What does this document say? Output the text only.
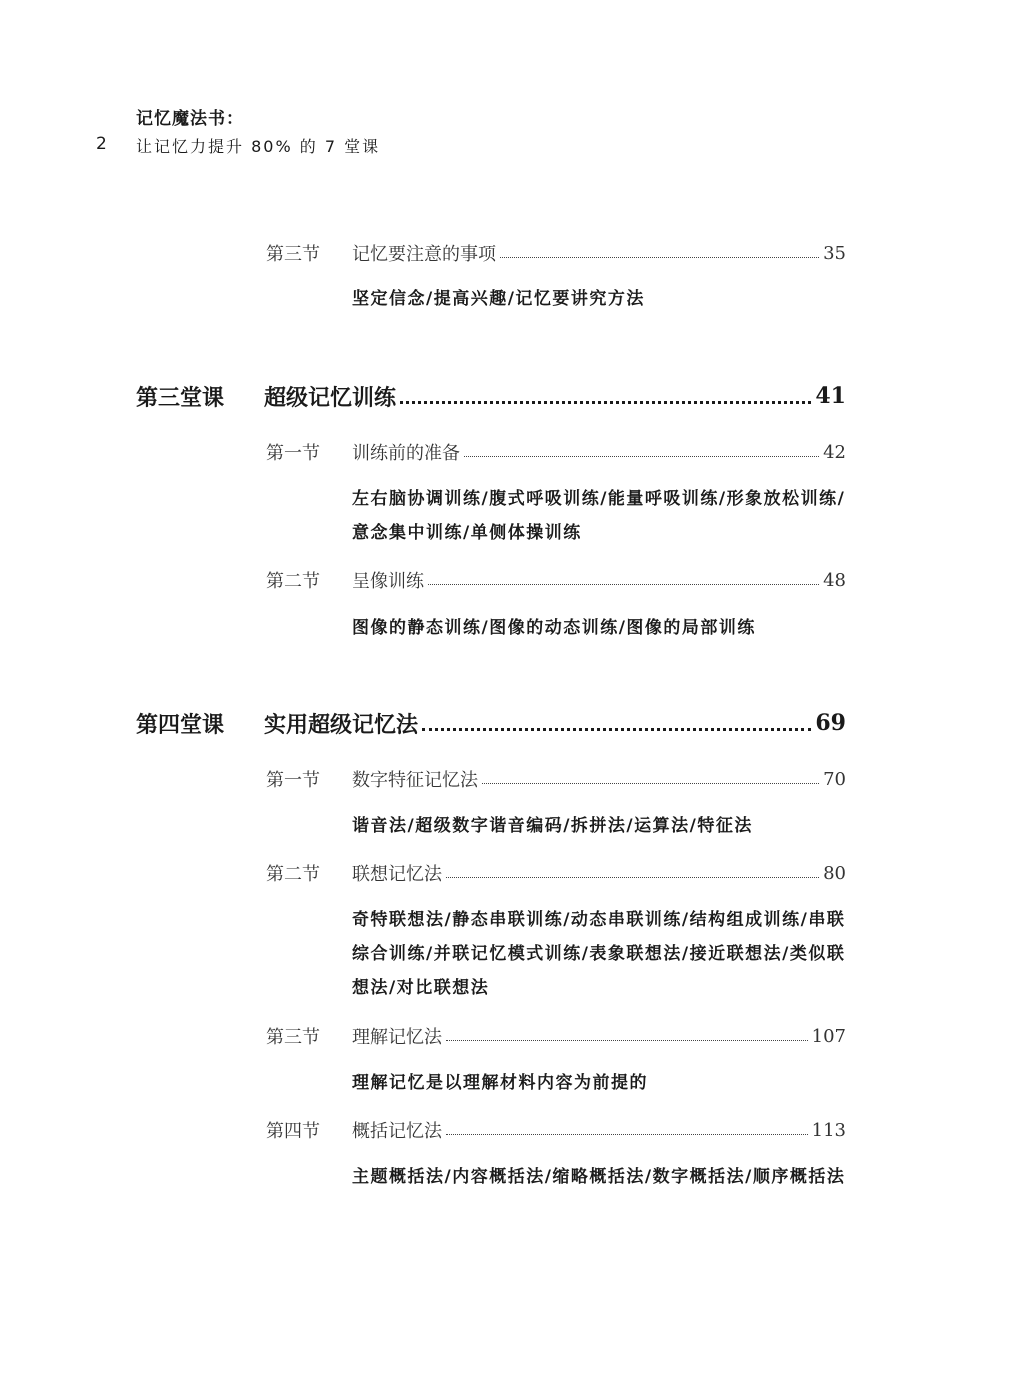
记忆魔法书：
2 让记忆力提升 80% 的 7 堂课
第三节	记忆要注意的事项	35
坚定信念/提高兴趣/记忆要讲究方法
第三堂课	超级记忆训练	41
第一节	训练前的准备	42
左右脑协调训练/腹式呼吸训练/能量呼吸训练/形象放松训练/意念集中训练/单侧体操训练
第二节	呈像训练	48
图像的静态训练/图像的动态训练/图像的局部训练
第四堂课	实用超级记忆法	69
第一节	数字特征记忆法	70
谐音法/超级数字谐音编码/拆拼法/运算法/特征法
第二节	联想记忆法	80
奇特联想法/静态串联训练/动态串联训练/结构组成训练/串联综合训练/并联记忆模式训练/表象联想法/接近联想法/类似联想法/对比联想法
第三节	理解记忆法	107
理解记忆是以理解材料内容为前提的
第四节	概括记忆法	113
主题概括法/内容概括法/缩略概括法/数字概括法/顺序概括法
